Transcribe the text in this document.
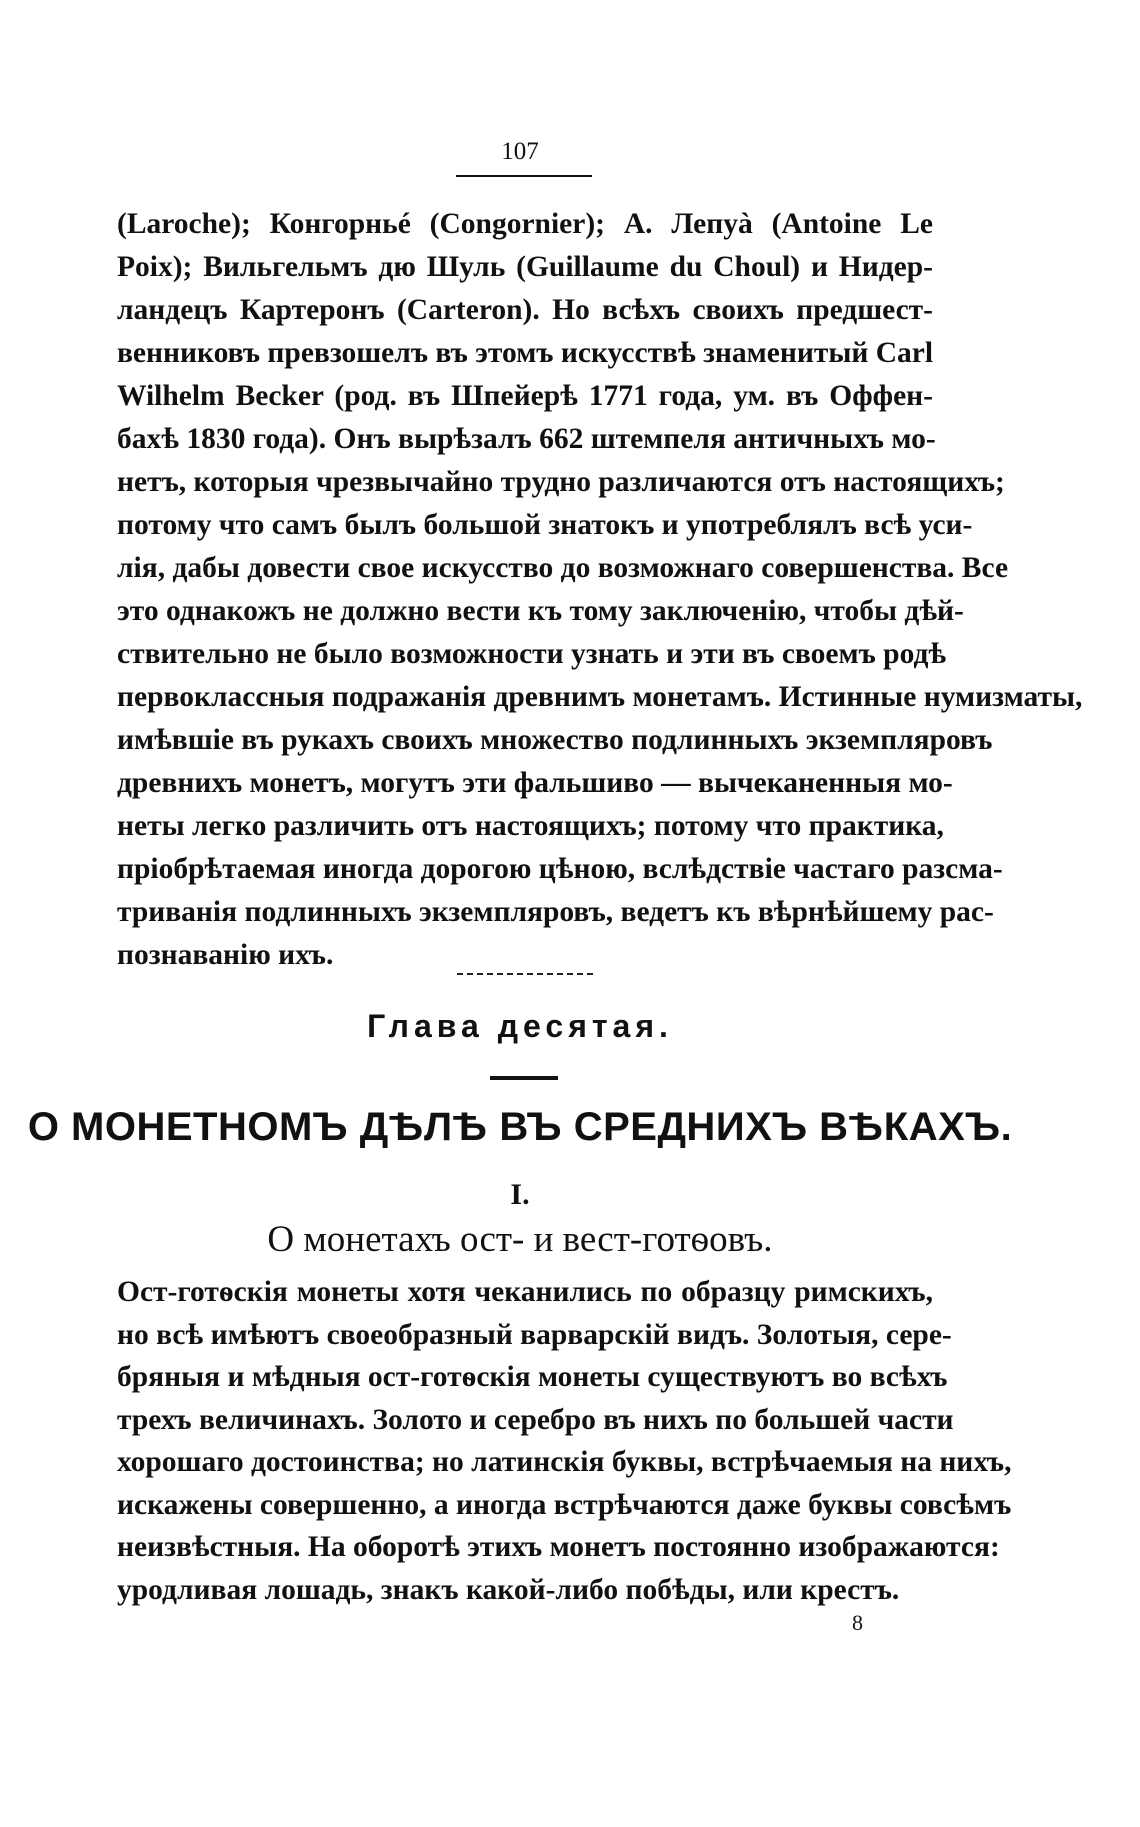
107
(Laroche); Конгорньé (Congornier); А. Лепуà (Antoine Le
Poix); Вильгельмъ дю Шуль (Guillaume du Choul) и Нидер-
ландецъ Картеронъ (Carteron). Но всѣхъ своихъ предшест-
венниковъ превзошелъ въ этомъ искусствѣ знаменитый Carl
Wilhelm Becker (род. въ Шпейерѣ 1771 года, ум. въ Оффен-
бахѣ 1830 года). Онъ вырѣзалъ 662 штемпеля античныхъ мо-
нетъ, которыя чрезвычайно трудно различаются отъ настоящихъ;
потому что самъ былъ большой знатокъ и употреблялъ всѣ уси-
лія, дабы довести свое искусство до возможнаго совершенства. Все
это однакожъ не должно вести къ тому заключенію, чтобы дѣй-
ствительно не было возможности узнать и эти въ своемъ родѣ
первоклассныя подражанія древнимъ монетамъ. Истинные нумизматы,
имѣвшіе въ рукахъ своихъ множество подлинныхъ экземпляровъ
древнихъ монетъ, могутъ эти фальшиво — вычеканенныя мо-
неты легко различить отъ настоящихъ; потому что практика,
пріобрѣтаемая иногда дорогою цѣною, вслѣдствіе частаго разсма-
триванія подлинныхъ экземпляровъ, ведетъ къ вѣрнѣйшему рас-
познаванію ихъ.
Глава десятая.
О МОНЕТНОМЪ ДѢЛѢ ВЪ СРЕДНИХЪ ВѢКАХЪ.
I.
О монетахъ ост- и вест-готѳовъ.
Ост-готѳскія монеты хотя чеканились по образцу римскихъ,
но всѣ имѣютъ своеобразный варварскій видъ. Золотыя, сере-
бряныя и мѣдныя ост-готѳскія монеты существуютъ во всѣхъ
трехъ величинахъ. Золото и серебро въ нихъ по большей части
хорошаго достоинства; но латинскія буквы, встрѣчаемыя на нихъ,
искажены совершенно, а иногда встрѣчаются даже буквы совсѣмъ
неизвѣстныя. На оборотѣ этихъ монетъ постоянно изображаются:
уродливая лошадь, знакъ какой-либо побѣды, или крестъ.
8
